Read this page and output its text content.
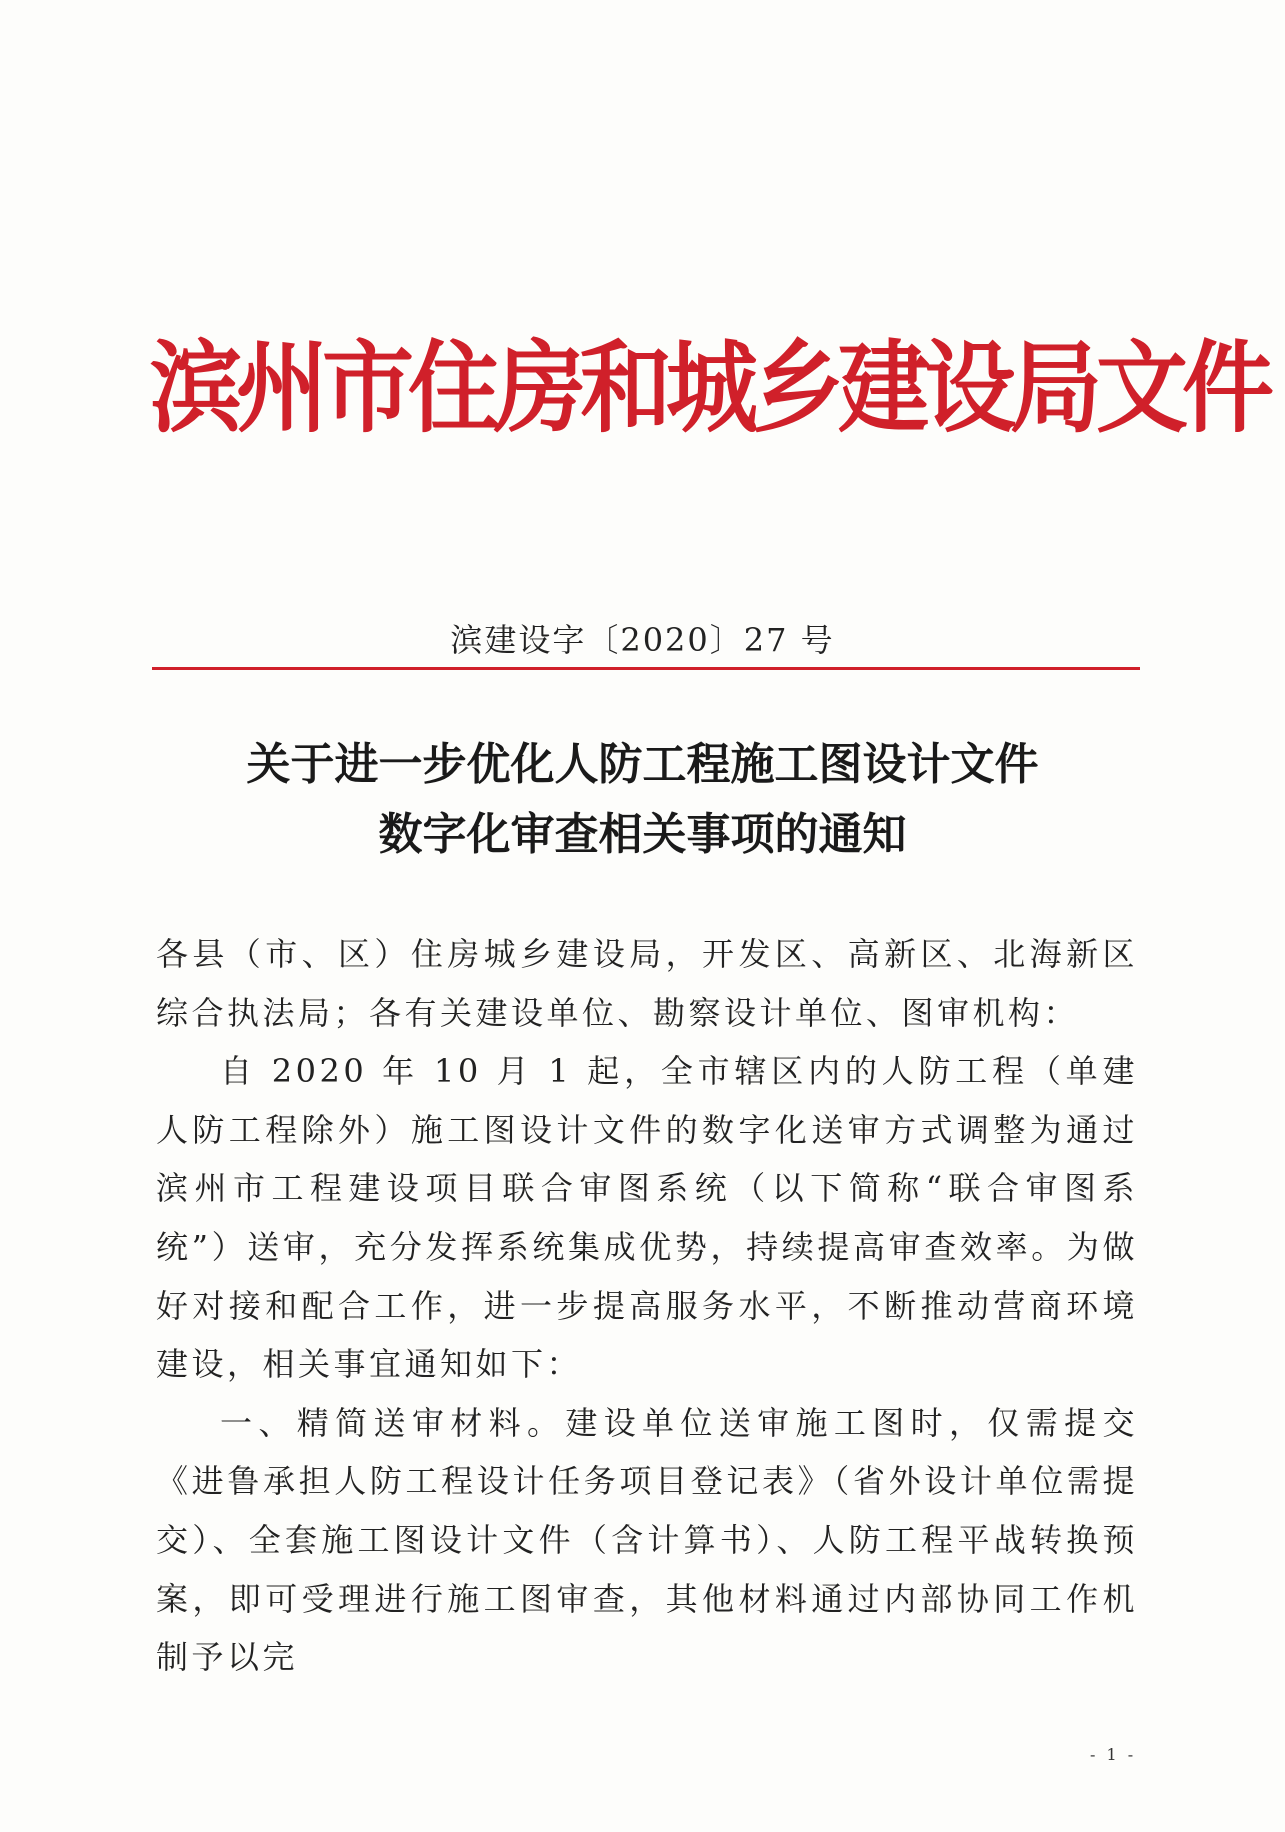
滨州市住房和城乡建设局文件
滨建设字〔2020〕27 号
关于进一步优化人防工程施工图设计文件
数字化审查相关事项的通知

各县（市、区）住房城乡建设局，开发区、高新区、北海新区综合执法局；各有关建设单位、勘察设计单位、图审机构：

自 2020 年 10 月 1 起，全市辖区内的人防工程（单建人防工程除外）施工图设计文件的数字化送审方式调整为通过滨州市工程建设项目联合审图系统（以下简称“联合审图系统”）送审，充分发挥系统集成优势，持续提高审查效率。为做好对接和配合工作，进一步提高服务水平，不断推动营商环境建设，相关事宜通知如下：

一、精简送审材料。建设单位送审施工图时，仅需提交《进鲁承担人防工程设计任务项目登记表》（省外设计单位需提交）、全套施工图设计文件（含计算书）、人防工程平战转换预案，即可受理进行施工图审查，其他材料通过内部协同工作机制予以完

- 1 -
